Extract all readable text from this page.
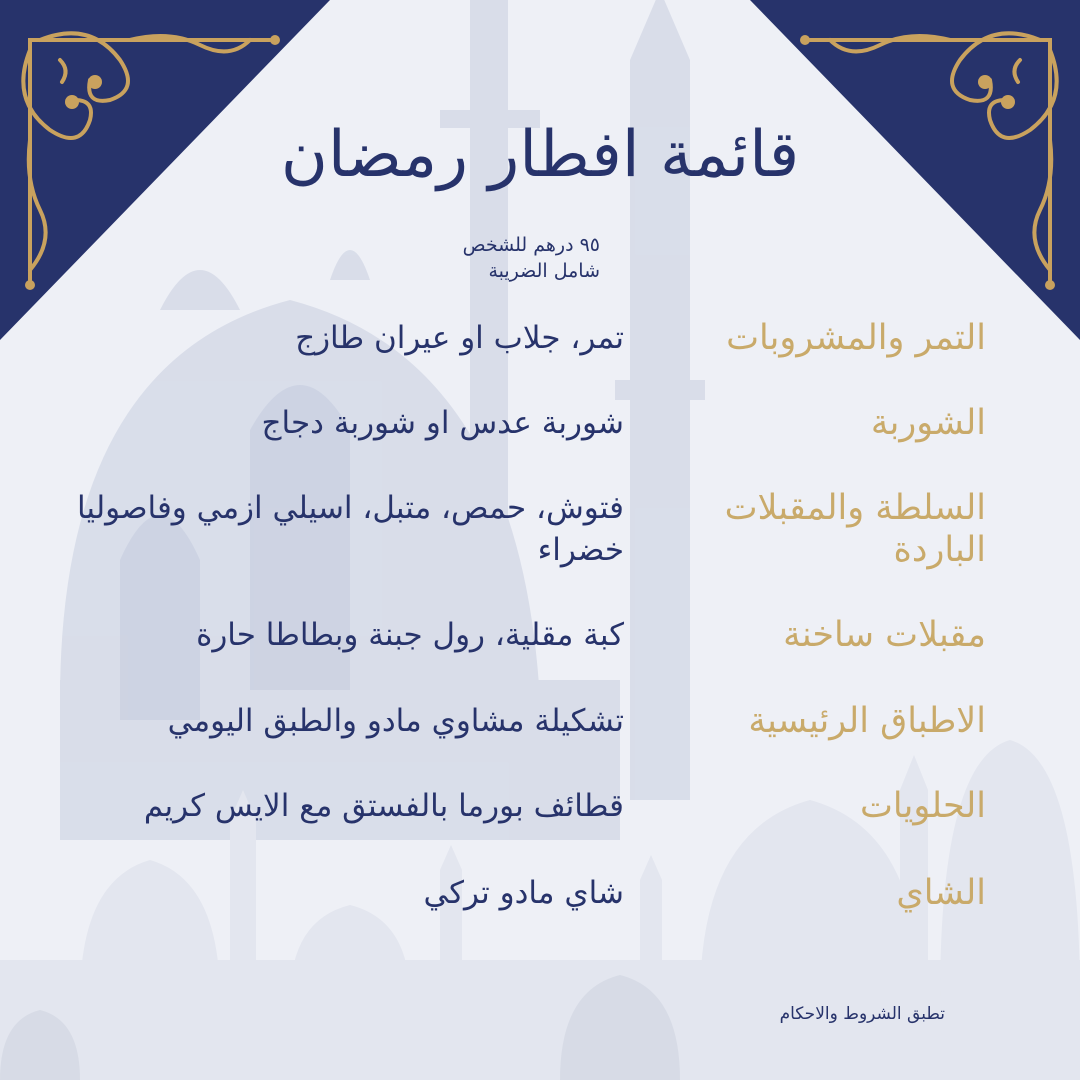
قائمة افطار رمضان
٩٥ درهم للشخص
شامل الضريبة
التمر والمشروبات
تمر، جلاب او عيران طازج
الشوربة
شوربة عدس او شوربة دجاج
السلطة والمقبلات الباردة
فتوش، حمص، متبل، اسيلي ازمي وفاصوليا خضراء
مقبلات ساخنة
كبة مقلية، رول جبنة وبطاطا حارة
الاطباق الرئيسية
تشكيلة مشاوي مادو والطبق اليومي
الحلويات
قطائف بورما بالفستق مع الايس كريم
الشاي
شاي مادو تركي
تطبق الشروط والاحكام
